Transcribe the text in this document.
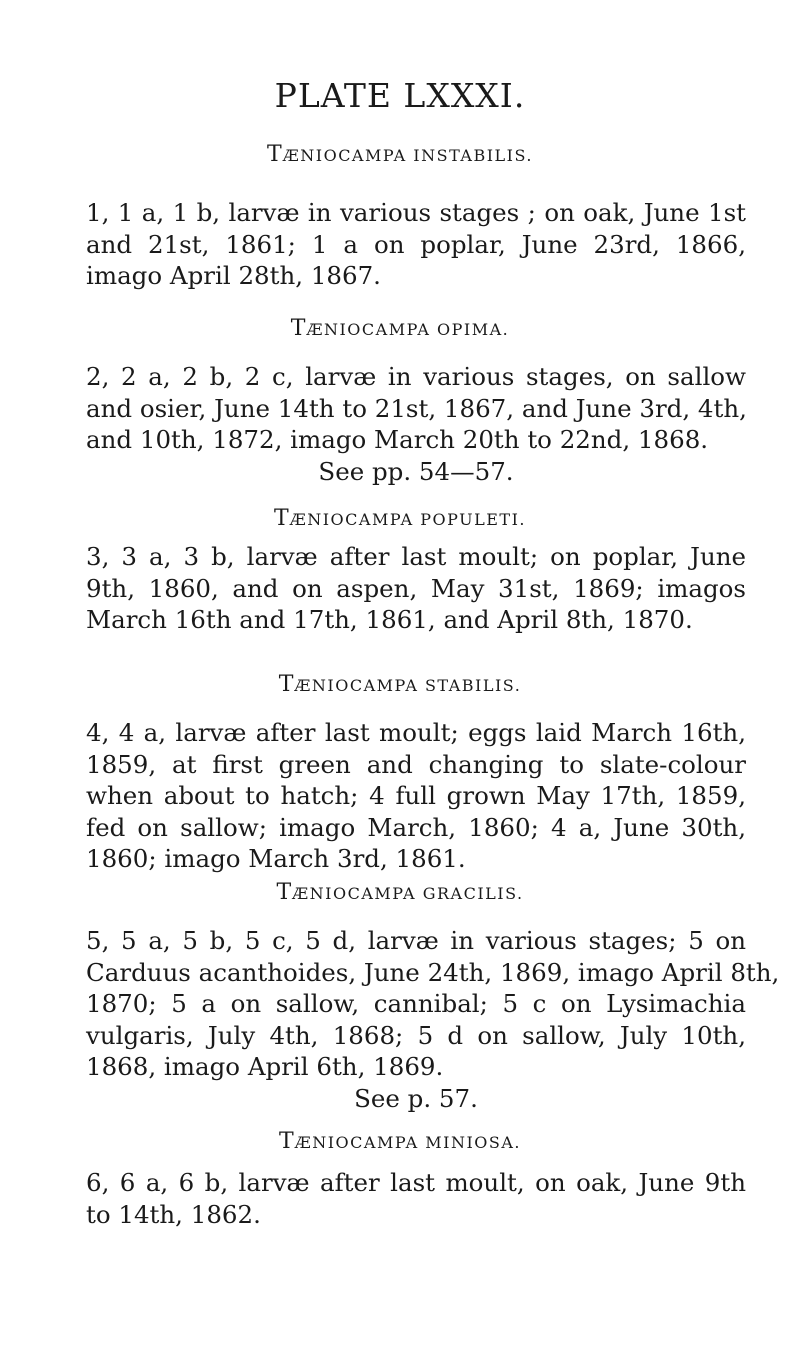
PLATE LXXXI.
TÆNIOCAMPA INSTABILIS.
1, 1 a, 1 b, larvæ in various stages ; on oak, June 1st
and 21st, 1861; 1 a on poplar, June 23rd, 1866,
imago April 28th, 1867.
TÆNIOCAMPA OPIMA.
2, 2 a, 2 b, 2 c, larvæ in various stages, on sallow
and osier, June 14th to 21st, 1867, and June 3rd, 4th,
and 10th, 1872, imago March 20th to 22nd, 1868.
See pp. 54—57.
TÆNIOCAMPA POPULETI.
3, 3 a, 3 b, larvæ after last moult; on poplar, June
9th, 1860, and on aspen, May 31st, 1869; imagos
March 16th and 17th, 1861, and April 8th, 1870.
TÆNIOCAMPA STABILIS.
4, 4 a, larvæ after last moult; eggs laid March 16th,
1859, at first green and changing to slate-colour
when about to hatch; 4 full grown May 17th, 1859,
fed on sallow; imago March, 1860; 4 a, June 30th,
1860; imago March 3rd, 1861.
TÆNIOCAMPA GRACILIS.
5, 5 a, 5 b, 5 c, 5 d, larvæ in various stages; 5 on
Carduus acanthoides, June 24th, 1869, imago April 8th,
1870; 5 a on sallow, cannibal; 5 c on Lysimachia
vulgaris, July 4th, 1868; 5 d on sallow, July 10th,
1868, imago April 6th, 1869.
See p. 57.
TÆNIOCAMPA MINIOSA.
6, 6 a, 6 b, larvæ after last moult, on oak, June 9th
to 14th, 1862.
